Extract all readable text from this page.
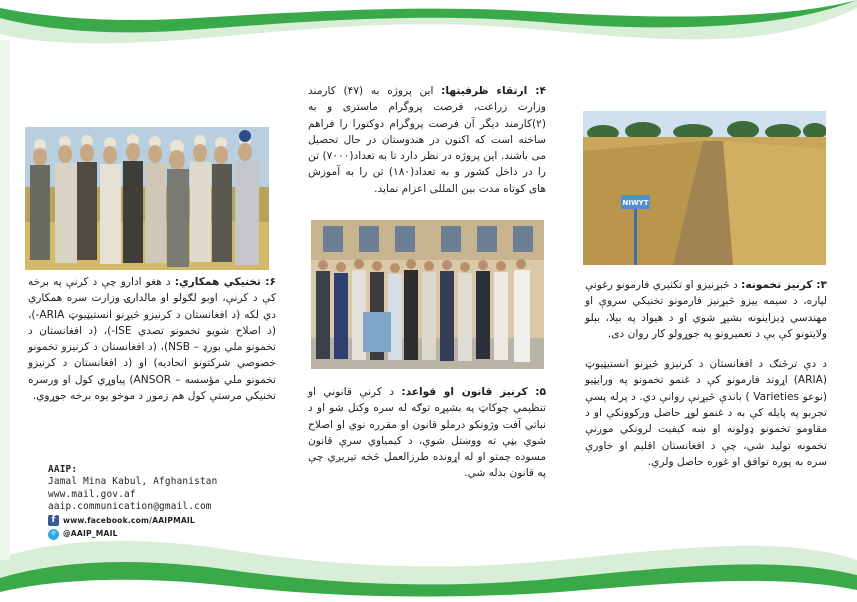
NIWYT
۶: تخنیکي همکاري: د هغو ادارو چې د کرنې په برخه کې د کرنې، اوبو لګولو او مالدارۍ وزارت سره همکاري دي لکه (د افغانستان د کرنیزو څیړنو انستیټیوټ ARIA-)، (د اصلاح شویو تخمونو تصدي ISE-)، (د افغانستان د تخمونو ملي بورډ – NSB)، (د افغانستان د کرنیزو تخمونو خصوصي شرکتونو اتحادیه) او (د افغانستان د کرنیزو تخمونو ملي مؤسسه – ANSOR) پیاوړي کول او ورسره تخنیکي مرستې کول هم زموږ د موخو یوه برخه جوړوي.
۴: ارتقاء ظرفیتها: این پروژه به (۴۷) کارمند وزارت زراعت، فرصت پروگرام ماستری و به (۲)کارمند دیگر آن فرصت پروگرام دوکتورا را فراهم ساخته است که اکنون در هندوستان در حال تحصیل می باشند. این پروژه در نظر دارد تا به تعداد(۷۰۰۰) تن را در داخل کشور و به تعداد(۱۸۰) تن را به آموزش های کوتاه مدت بین المللی اعزام نماید.
۵: کرنیز قانون او قواعد: د کرنې قانوني او تنظیمي چوکاټ په بشپړه توګه له سره وکتل شو او د نباتي آفت وژونکو درملو قانون او مقرره نوي او اصلاح شوي بڼې ته ووښتل شوې، د کیمیاوي سرې قانون مسوده چمتو او له اړونده طرزالعمل څخه تیریږي چې په قانون بدله شي.

۳: کرنیز تخمونه: د څېړنیزو او تکثیري فارمونو رغونې لپاره، د سیمه ییزو څېړنیز فارمونو تخنیکي سروې او مهندسي ډیزاینونه بشپړ شوي او د هیواد په بېلا، بېلو ولایتونو کې یې د تعمیرونو په جوړولو کار روان دی.

د دې ترڅنګ د افغانستان د کرنیزو څیړنو انستیټیوټ (ARIA) اړوند فارمونو کې د غنمو تخمونو په ورایټیو (نوعو Varieties ) باندې څیړنې روانې دي. د پرله پسې تجربو په پایله کې به د غنمو لوړ حاصل ورکوونکې او د مقاومو تخمونو ډولونه او ښه کیفیت لرونکي موږنې تخمونه تولید شي، چې د افغانستان اقلیم او خاورې سره به پوره توافق او غوره حاصل ولري.

AAIP:
Jamal Mina Kabul, Afghanistan
www.mail.gov.af
aaip.communication@gmail.com
f www.facebook.com/AAIPMAIL
✧ @AAIP_MAIL
